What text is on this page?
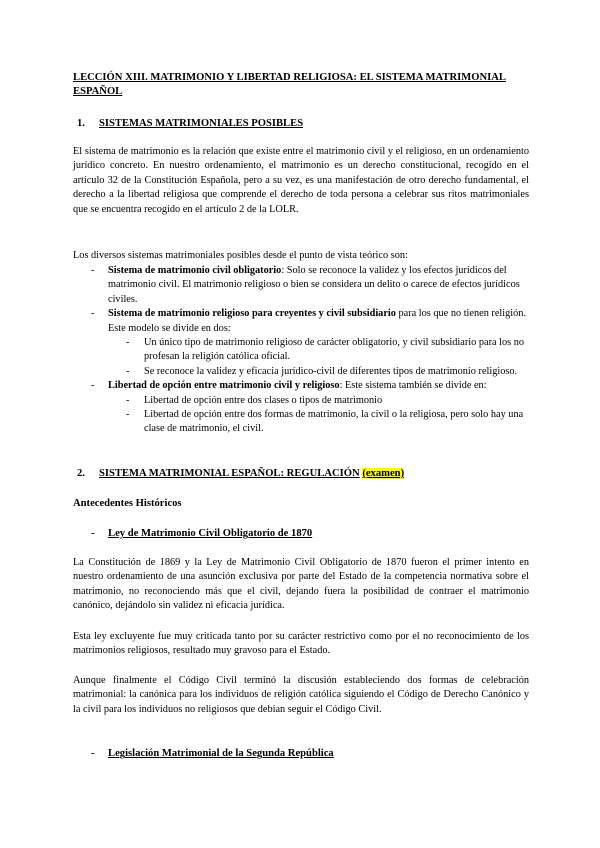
LECCIÓN XIII. MATRIMONIO Y LIBERTAD RELIGIOSA: EL SISTEMA MATRIMONIAL ESPAÑOL
1. SISTEMAS MATRIMONIALES POSIBLES
El sistema de matrimonio es la relación que existe entre el matrimonio civil y el religioso, en un ordenamiento jurídico concreto. En nuestro ordenamiento, el matrimonio es un derecho constitucional, recogido en el artículo 32 de la Constitución Española, pero a su vez, es una manifestación de otro derecho fundamental, el derecho a la libertad religiosa que comprende el derecho de toda persona a celebrar sus ritos matrimoniales que se encuentra recogido en el artículo 2 de la LOLR.
Los diversos sistemas matrimoniales posibles desde el punto de vista teórico son:
- Sistema de matrimonio civil obligatorio: Solo se reconoce la validez y los efectos jurídicos del matrimonio civil. El matrimonio religioso o bien se considera un delito o carece de efectos jurídicos civiles.
- Sistema de matrimonio religioso para creyentes y civil subsidiario para los que no tienen religión. Este modelo se divide en dos:
- Un único tipo de matrimonio religioso de carácter obligatorio, y civil subsidiario para los no profesan la religión católica oficial.
- Se reconoce la validez y eficacia jurídico-civil de diferentes tipos de matrimonio religioso.
- Libertad de opción entre matrimonio civil y religioso: Este sistema también se divide en:
- Libertad de opción entre dos clases o tipos de matrimonio
- Libertad de opción entre dos formas de matrimonio, la civil o la religiosa, pero solo hay una clase de matrimonio, el civil.
2. SISTEMA MATRIMONIAL ESPAÑOL: REGULACIÓN (examen)
Antecedentes Históricos
- Ley de Matrimonio Civil Obligatorio de 1870
La Constitución de 1869 y la Ley de Matrimonio Civil Obligatorio de 1870 fueron el primer intento en nuestro ordenamiento de una asunción exclusiva por parte del Estado de la competencia normativa sobre el matrimonio, no reconociendo más que el civil, dejando fuera la posibilidad de contraer el matrimonio canónico, dejándolo sin validez ni eficacia jurídica.
Esta ley excluyente fue muy criticada tanto por su carácter restrictivo como por el no reconocimiento de los matrimonios religiosos, resultado muy gravoso para el Estado.
Aunque finalmente el Código Civil terminó la discusión estableciendo dos formas de celebración matrimonial: la canónica para los individuos de religión católica siguiendo el Código de Derecho Canónico y la civil para los individuos no religiosos que debían seguir el Código Civil.
- Legislación Matrimonial de la Segunda República
